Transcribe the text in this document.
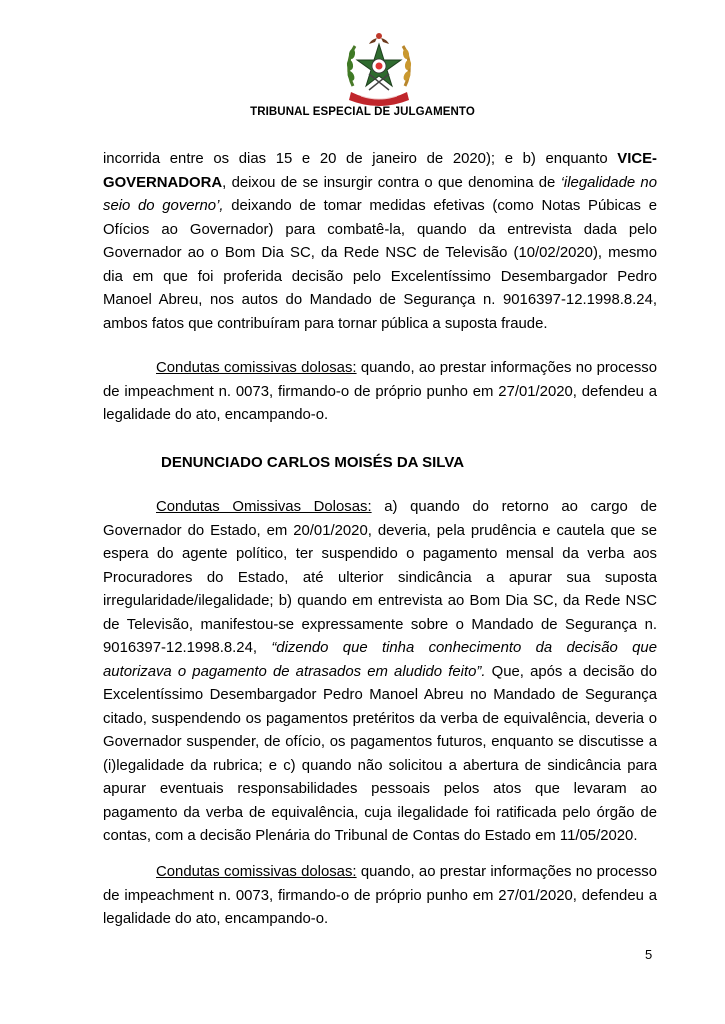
TRIBUNAL ESPECIAL DE JULGAMENTO

incorrida entre os dias 15 e 20 de janeiro de 2020); e b) enquanto VICE-GOVERNADORA, deixou de se insurgir contra o que denomina de ‘ilegalidade no seio do governo’, deixando de tomar medidas efetivas (como Notas Púbicas e Ofícios ao Governador) para combatê-la, quando da entrevista dada pelo Governador ao o Bom Dia SC, da Rede NSC de Televisão (10/02/2020), mesmo dia em que foi proferida decisão pelo Excelentíssimo Desembargador Pedro Manoel Abreu, nos autos do Mandado de Segurança n. 9016397-12.1998.8.24, ambos fatos que contribuíram para tornar pública a suposta fraude.

Condutas comissivas dolosas: quando, ao prestar informações no processo de impeachment n. 0073, firmando-o de próprio punho em 27/01/2020, defendeu a legalidade do ato, encampando-o.

DENUNCIADO CARLOS MOISÉS DA SILVA

Condutas Omissivas Dolosas: a) quando do retorno ao cargo de Governador do Estado, em 20/01/2020, deveria, pela prudência e cautela que se espera do agente político, ter suspendido o pagamento mensal da verba aos Procuradores do Estado, até ulterior sindicância a apurar sua suposta irregularidade/ilegalidade; b) quando em entrevista ao Bom Dia SC, da Rede NSC de Televisão, manifestou-se expressamente sobre o Mandado de Segurança n. 9016397-12.1998.8.24, “dizendo que tinha conhecimento da decisão que autorizava o pagamento de atrasados em aludido feito”. Que, após a decisão do Excelentíssimo Desembargador Pedro Manoel Abreu no Mandado de Segurança citado, suspendendo os pagamentos pretéritos da verba de equivalência, deveria o Governador suspender, de ofício, os pagamentos futuros, enquanto se discutisse a (i)legalidade da rubrica; e c) quando não solicitou a abertura de sindicância para apurar eventuais responsabilidades pessoais pelos atos que levaram ao pagamento da verba de equivalência, cuja ilegalidade foi ratificada pelo órgão de contas, com a decisão Plenária do Tribunal de Contas do Estado em 11/05/2020.

Condutas comissivas dolosas: quando, ao prestar informações no processo de impeachment n. 0073, firmando-o de próprio punho em 27/01/2020, defendeu a legalidade do ato, encampando-o.

5
